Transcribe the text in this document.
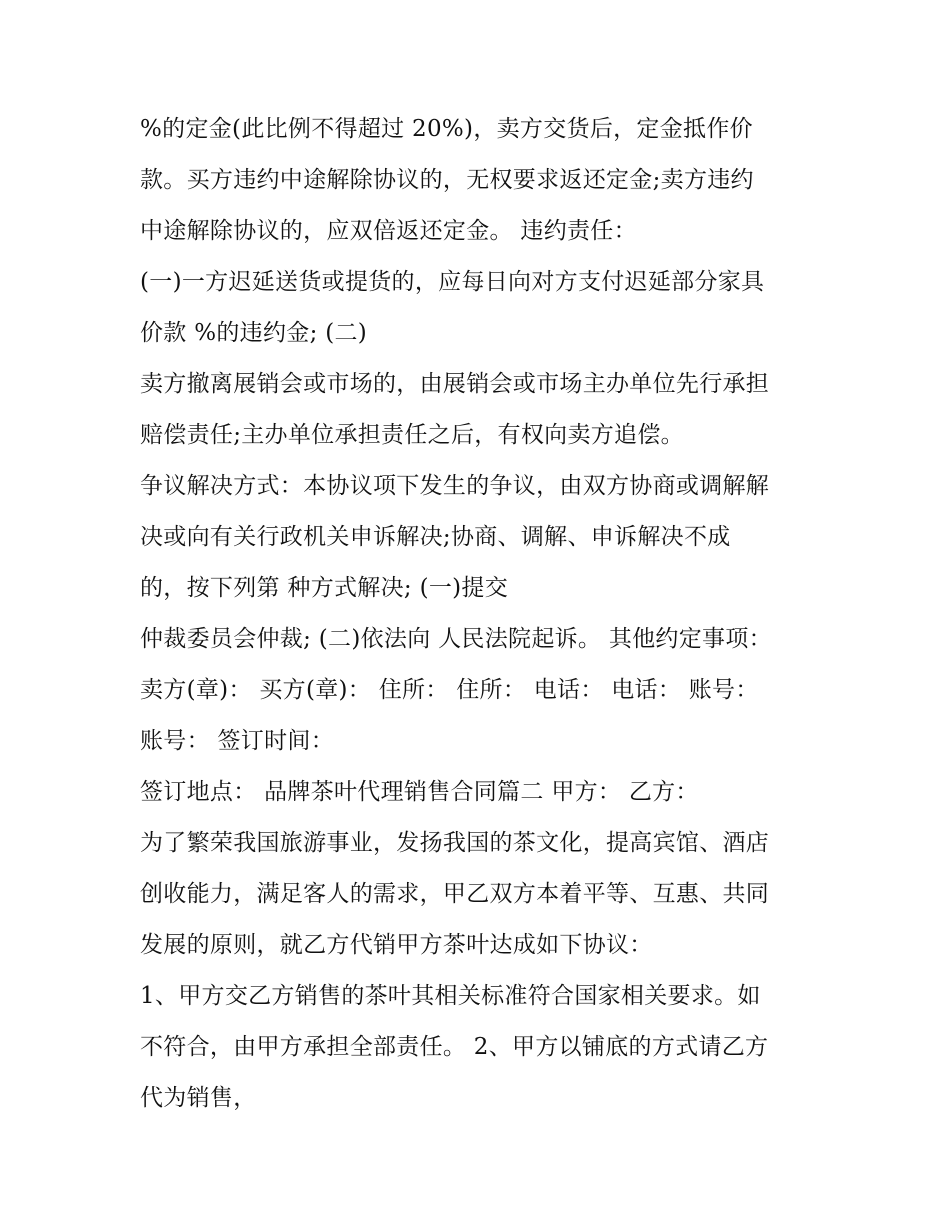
%的定金(此比例不得超过 20%)，卖方交货后，定金抵作价
款。买方违约中途解除协议的，无权要求返还定金;卖方违约
中途解除协议的，应双倍返还定金。 违约责任：
(一)一方迟延送货或提货的，应每日向对方支付迟延部分家具
价款 %的违约金; (二)
卖方撤离展销会或市场的，由展销会或市场主办单位先行承担
赔偿责任;主办单位承担责任之后，有权向卖方追偿。
争议解决方式：本协议项下发生的争议，由双方协商或调解解
决或向有关行政机关申诉解决;协商、调解、申诉解决不成
的，按下列第 种方式解决; (一)提交
仲裁委员会仲裁; (二)依法向 人民法院起诉。 其他约定事项：
卖方(章)： 买方(章)： 住所： 住所： 电话： 电话： 账号：
账号： 签订时间：
签订地点： 品牌茶叶代理销售合同篇二 甲方： 乙方：
为了繁荣我国旅游事业，发扬我国的茶文化，提高宾馆、酒店
创收能力，满足客人的需求，甲乙双方本着平等、互惠、共同
发展的原则，就乙方代销甲方茶叶达成如下协议：
1、甲方交乙方销售的茶叶其相关标准符合国家相关要求。如
不符合，由甲方承担全部责任。 2、甲方以铺底的方式请乙方
代为销售，
